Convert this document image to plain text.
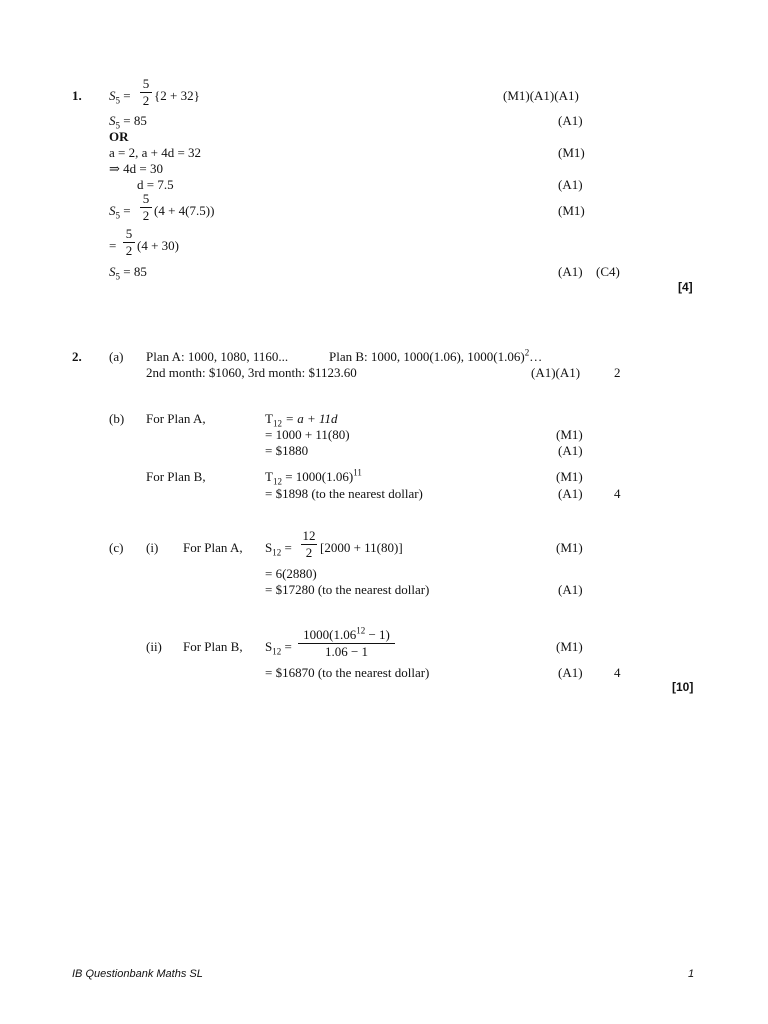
1. $S_5$ =
5
2 {2 + 32}	(M1)(A1)(A1)
$S_5 = 85$	(A1)
OR
a = 2, a + 4d = 32	(M1)
⇒ 4d = 30
d = 7.5	(A1)
$S_5$ =
5
2 (4 + 4(7.5))	(M1)
=
5
2 (4 + 30)
$S_5 = 85$	(A1) (C4)
[4]
2. (a) Plan A: 1000, 1080, 1160...	Plan B: 1000, 1000(1.06), $1000(1.06)^2\dots$
2nd month: $1060, 3rd month: $1123.60	(A1)(A1)	2
(b) For Plan A,	$T_{12} = a + 11d$
= 1000 + 11(80)	(M1)
= $1880	(A1)
For Plan B,	$T_{12} = 1000(1.06)^{11}$	(M1)
= $1898 (to the nearest dollar)	(A1) 4
(c) (i) For Plan A, $S_{12}$ =
12
2 [2000 + 11(80)]	(M1)
= 6(2880)
= $17280 (to the nearest dollar)	(A1)
(ii) For Plan B, $S_{12}$ =
$1000(1.06^{12} - 1)$
1.06 − 1	(M1)
= $16870 (to the nearest dollar)	(A1) 4
[10]
IB Questionbank Maths SL	1
